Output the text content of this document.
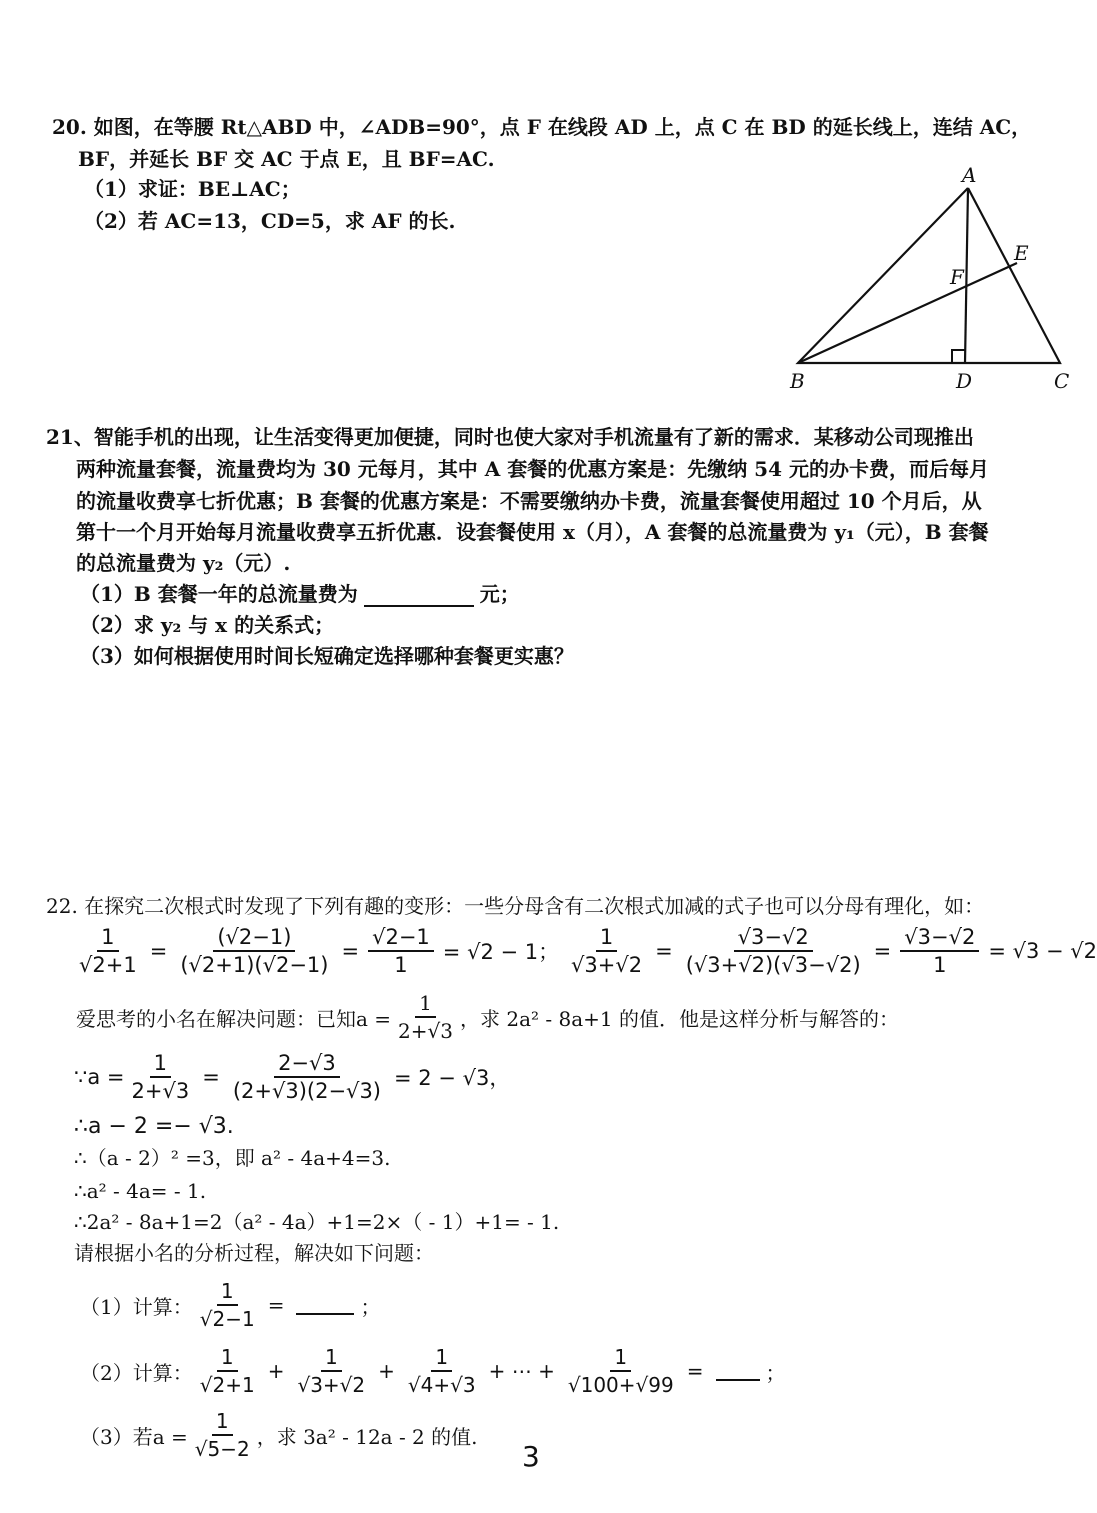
20. 如图，在等腰 Rt△ABD 中，∠ADB=90°，点 F 在线段 AD 上，点 C 在 BD 的延长线上，连结 AC，
BF，并延长 BF 交 AC 于点 E，且 BF=AC.
（1）求证：BE⊥AC；
（2）若 AC=13，CD=5，求 AF 的长.
A
B	C
D
E
F
21、智能手机的出现，让生活变得更加便捷，同时也使大家对手机流量有了新的需求．某移动公司现推出
两种流量套餐，流量费均为 30 元每月，其中 A 套餐的优惠方案是：先缴纳 54 元的办卡费，而后每月
的流量收费享七折优惠；B 套餐的优惠方案是：不需要缴纳办卡费，流量套餐使用超过 10 个月后，从
第十一个月开始每月流量收费享五折优惠．设套餐使用 x（月），A 套餐的总流量费为 y₁（元），B 套餐
的总流量费为 y₂（元）.
（1）B 套餐一年的总流量费为	元；
（2）求 y₂ 与 x 的关系式；
（3）如何根据使用时间长短确定选择哪种套餐更实惠？
22. 在探究二次根式时发现了下列有趣的变形：一些分母含有二次根式加减的式子也可以分母有理化，如：
$\frac{1}{√2+1} = \frac{(√2-1)}{(√2+1)(√2-1)} = \frac{√2-1}{1} = √2 - 1$； $\frac{1}{√3+√2} = \frac{√3-√2}{(√3+√2)(√3-√2)} = \frac{√3-√2}{1} = √3 - √2$
爱思考的小名在解决问题：已知$a = \frac{1}{2+√3}$ ，求 2a² - 8a+1 的值．他是这样分析与解答的：
∵a = $\frac{1}{2+√3} = \frac{2-√3}{(2+√3)(2-√3)} = 2 - √3$，
∴a − 2 =− √3.
∴（a - 2）² =3，即 a² - 4a+4=3.
∴a² - 4a= - 1.
∴2a² - 8a+1=2（a² - 4a）+1=2×（ - 1）+1= - 1.
请根据小名的分析过程，解决如下问题：
（1）计算： $\frac{1}{√2-1}$ =	；
（2）计算： $\frac{1}{√2+1} + \frac{1}{√3+√2} + \frac{1}{√4+√3}$ + ⋯ + $\frac{1}{√100+√99}$ =	；
（3）若$a = \frac{1}{√5-2}$ ，求 3a² - 12a - 2 的值.
3
